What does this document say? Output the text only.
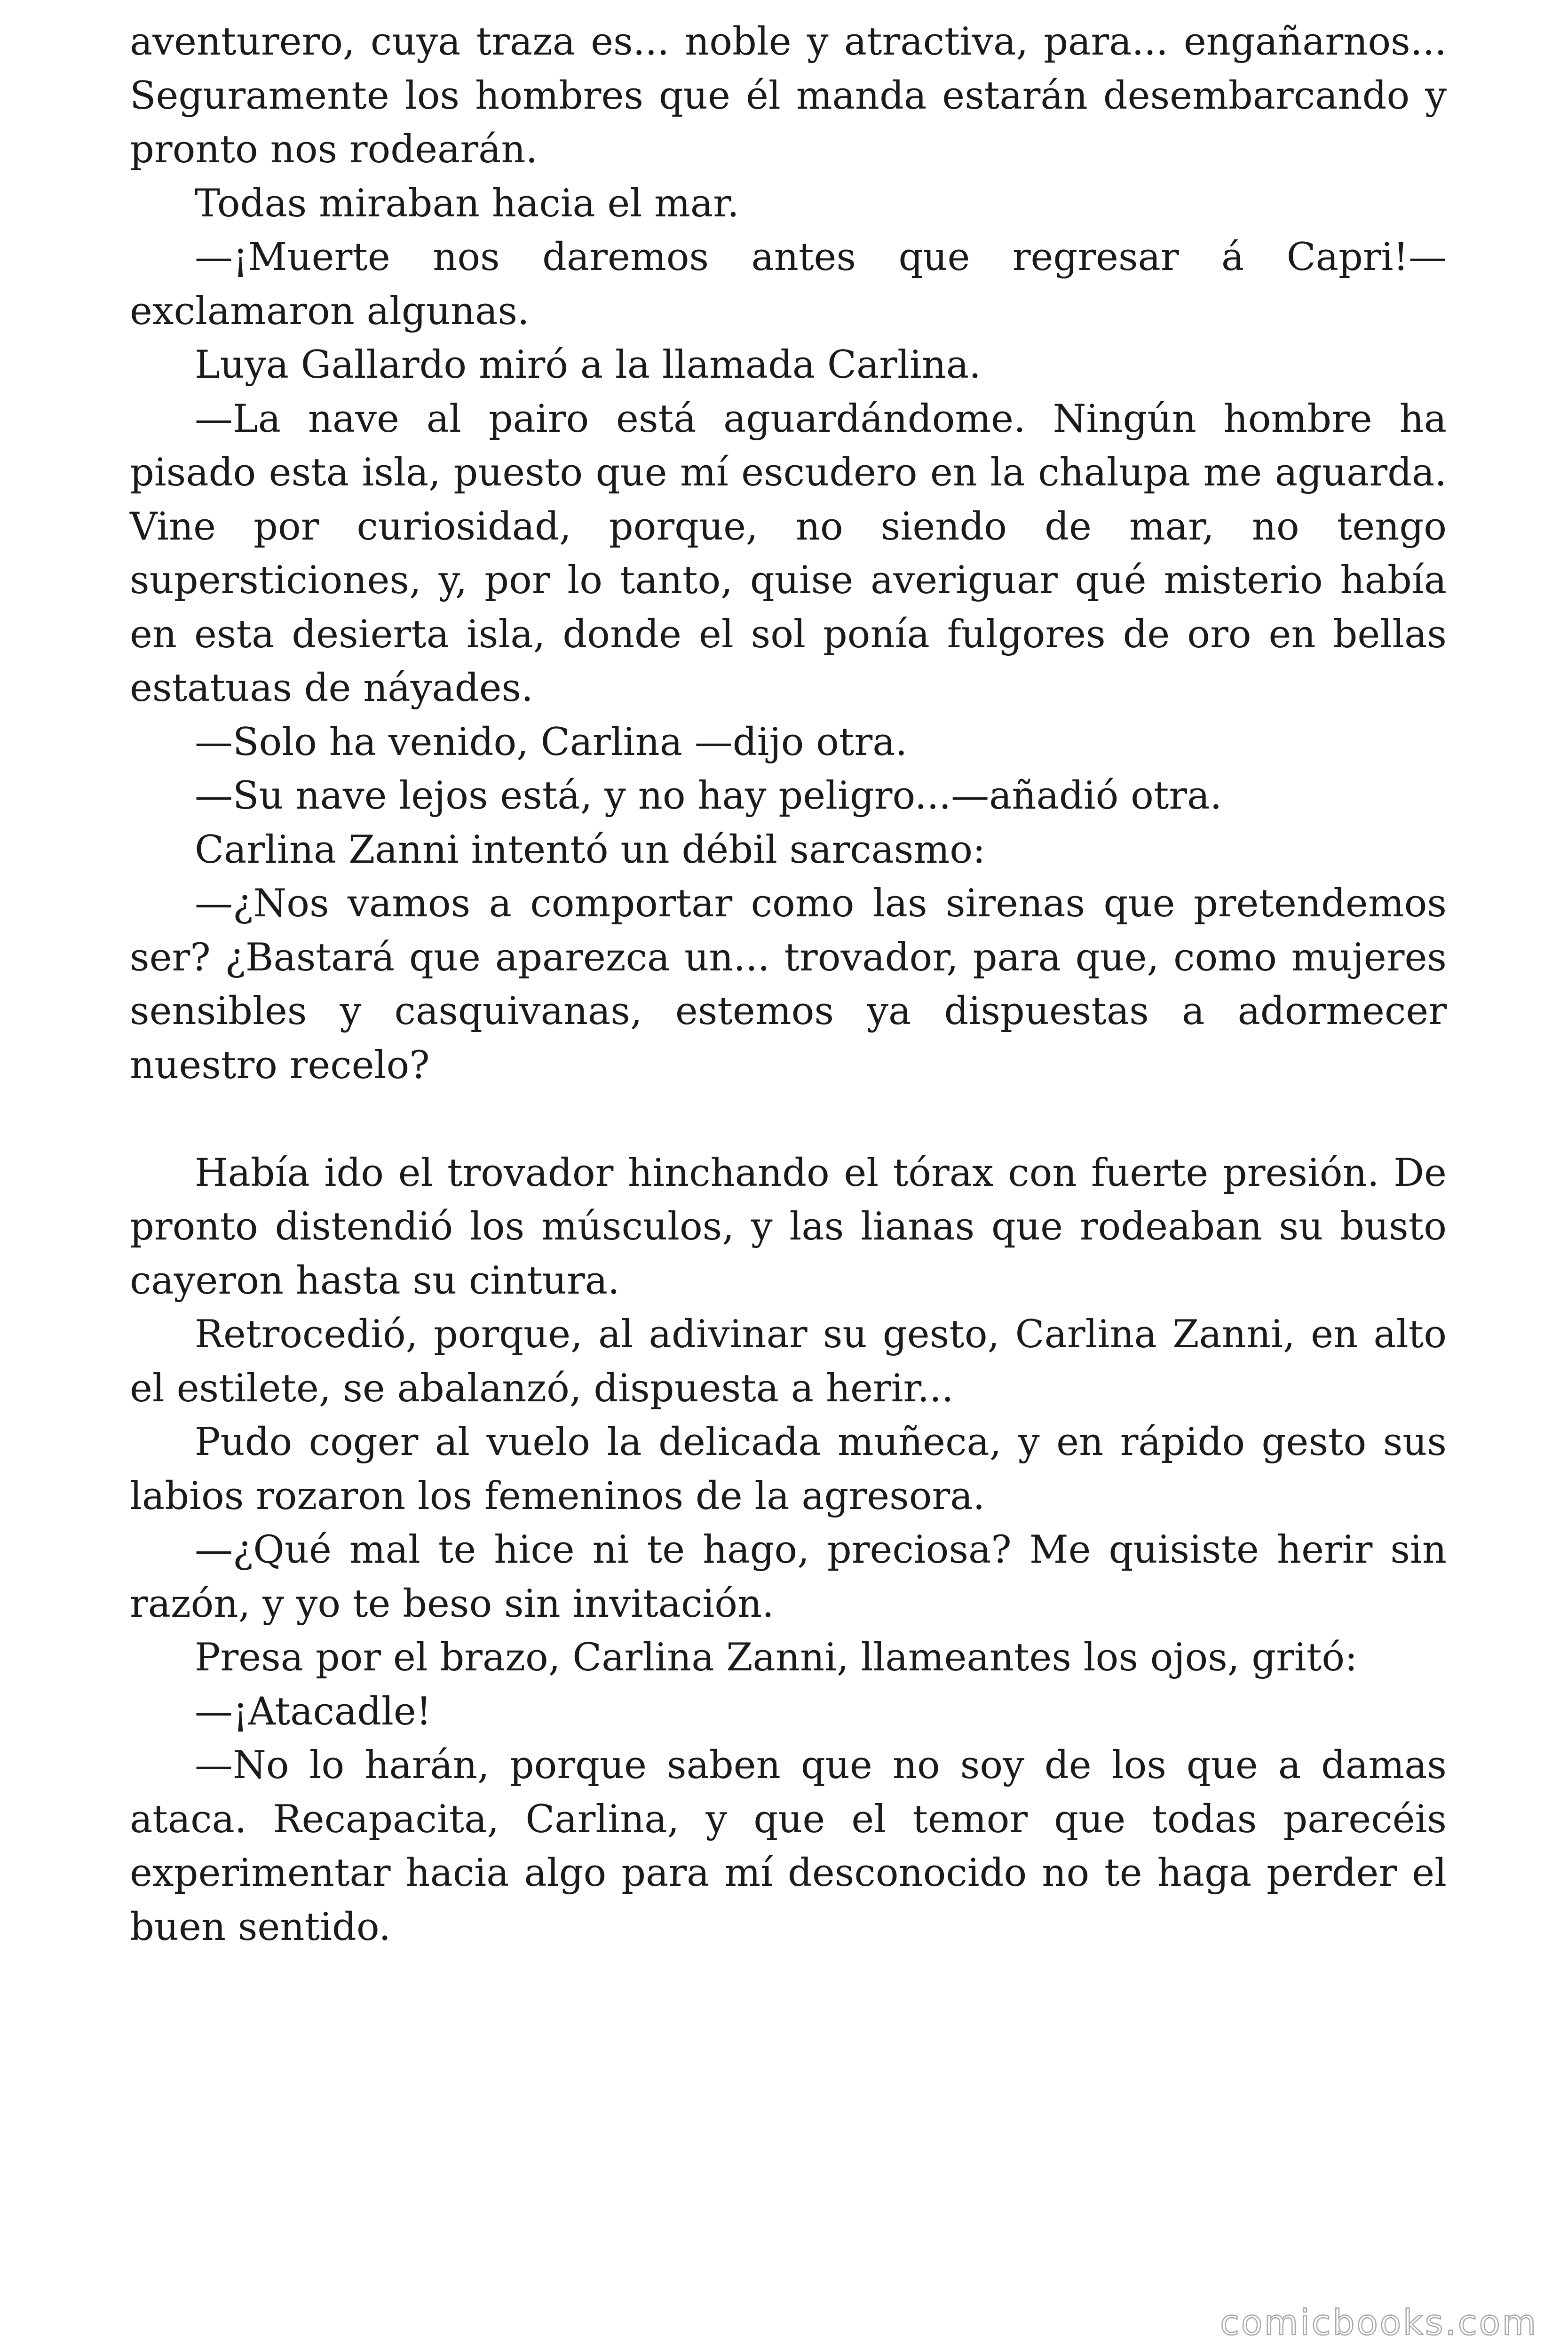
aventurero, cuya traza es... noble y atractiva, para... engañarnos... Seguramente los hombres que él manda estarán desembarcando y pronto nos rodearán.

Todas miraban hacia el mar.

—¡Muerte nos daremos antes que regresar á Capri!—exclamaron algunas.

Luya Gallardo miró a la llamada Carlina.

—La nave al pairo está aguardándome. Ningún hombre ha pisado esta isla, puesto que mí escudero en la chalupa me aguarda. Vine por curiosidad, porque, no siendo de mar, no tengo supersticiones, y, por lo tanto, quise averiguar qué misterio había en esta desierta isla, donde el sol ponía fulgores de oro en bellas estatuas de náyades.

—Solo ha venido, Carlina —dijo otra.

—Su nave lejos está, y no hay peligro...—añadió otra.

Carlina Zanni intentó un débil sarcasmo:

—¿Nos vamos a comportar como las sirenas que pretendemos ser? ¿Bastará que aparezca un... trovador, para que, como mujeres sensibles y casquivanas, estemos ya dispuestas a adormecer nuestro recelo?

Había ido el trovador hinchando el tórax con fuerte presión. De pronto distendió los músculos, y las lianas que rodeaban su busto cayeron hasta su cintura.

Retrocedió, porque, al adivinar su gesto, Carlina Zanni, en alto el estilete, se abalanzó, dispuesta a herir...

Pudo coger al vuelo la delicada muñeca, y en rápido gesto sus labios rozaron los femeninos de la agresora.

—¿Qué mal te hice ni te hago, preciosa? Me quisiste herir sin razón, y yo te beso sin invitación.

Presa por el brazo, Carlina Zanni, llameantes los ojos, gritó:

—¡Atacadle!

—No lo harán, porque saben que no soy de los que a damas ataca. Recapacita, Carlina, y que el temor que todas parecéis experimentar hacia algo para mí desconocido no te haga perder el buen sentido.

comicbooks.com
